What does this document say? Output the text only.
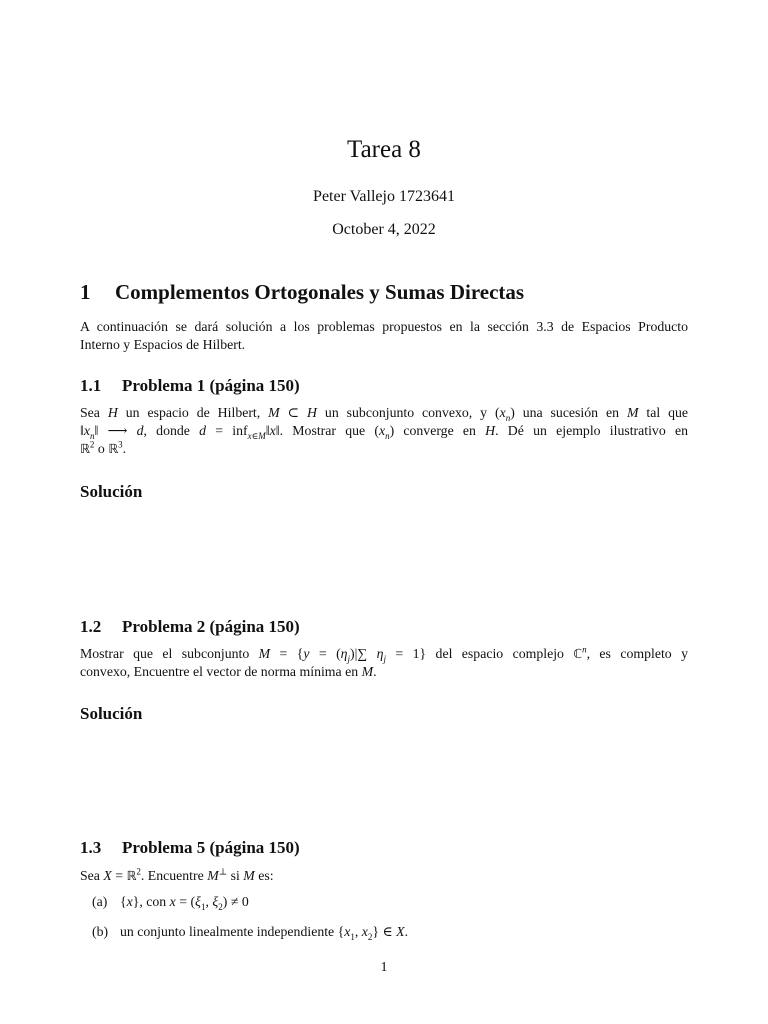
Tarea 8
Peter Vallejo 1723641
October 4, 2022
1 Complementos Ortogonales y Sumas Directas
A continuación se dará solución a los problemas propuestos en la sección 3.3 de Espacios Producto
Interno y Espacios de Hilbert.
1.1 Problema 1 (página 150)
Sea H un espacio de Hilbert, M ⊂ H un subconjunto convexo, y $(x_n)$ una sucesión en M tal que
$‖x_n‖$ ⟶ d, donde d = inf$_{x\in M}$‖x‖. Mostrar que $(x_n)$ converge en H. Dé un ejemplo ilustrativo en
ℝ$^2$ o ℝ$^3$.
Solución
1.2 Problema 2 (página 150)
Mostrar que el subconjunto $M = \{y = (\eta_j)|\sum$ $\eta_j = 1$} del espacio complejo ℂ$^n$, es completo y
convexo, Encuentre el vector de norma mínima en M.
Solución
1.3 Problema 5 (página 150)
Sea X = ℝ$^2$. Encuentre M⊥ si M es:
(a) {x}, con $x = (\xi_1$, $\xi_2) \ne 0$
(b) un conjunto linealmente independiente {$x_1$, $x_2$} ∈ X.
1
